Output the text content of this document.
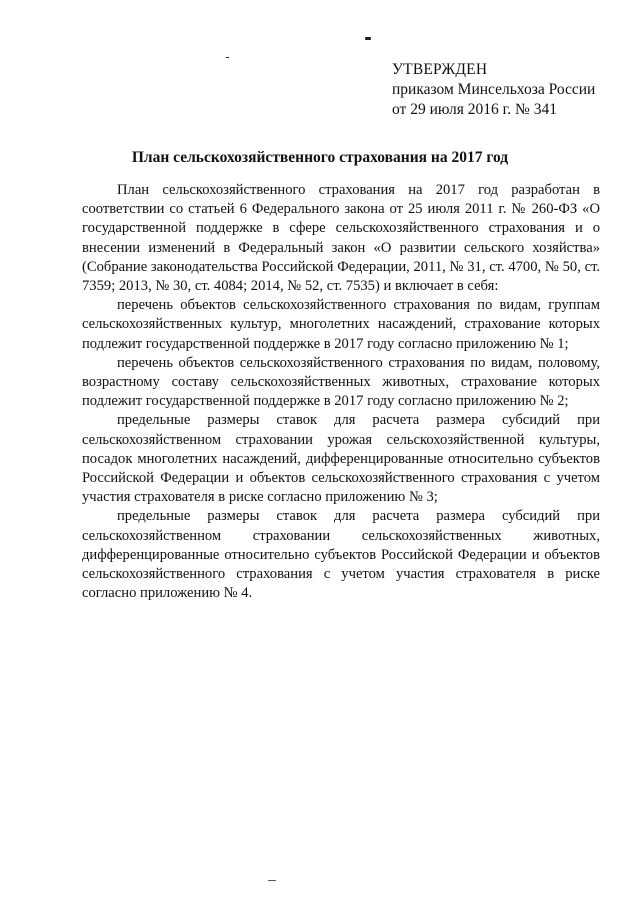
УТВЕРЖДЕН
приказом Минсельхоза России
от 29 июля 2016 г. № 341
План сельскохозяйственного страхования на 2017 год

План сельскохозяйственного страхования на 2017 год разработан в соответствии со статьей 6 Федерального закона от 25 июля 2011 г. № 260-ФЗ «О государственной поддержке в сфере сельскохозяйственного страхования и о внесении изменений в Федеральный закон «О развитии сельского хозяйства» (Собрание законодательства Российской Федерации, 2011, № 31, ст. 4700, № 50, ст. 7359; 2013, № 30, ст. 4084; 2014, № 52, ст. 7535) и включает в себя:

перечень объектов сельскохозяйственного страхования по видам, группам сельскохозяйственных культур, многолетних насаждений, страхование которых подлежит государственной поддержке в 2017 году согласно приложению № 1;

перечень объектов сельскохозяйственного страхования по видам, половому, возрастному составу сельскохозяйственных животных, страхование которых подлежит государственной поддержке в 2017 году согласно приложению № 2;

предельные размеры ставок для расчета размера субсидий при сельскохозяйственном страховании урожая сельскохозяйственной культуры, посадок многолетних насаждений, дифференцированные относительно субъектов Российской Федерации и объектов сельскохозяйственного страхования с учетом участия страхователя в риске согласно приложению № 3;

предельные размеры ставок для расчета размера субсидий при сельскохозяйственном страховании сельскохозяйственных животных, дифференцированные относительно субъектов Российской Федерации и объектов сельскохозяйственного страхования с учетом участия страхователя в риске согласно приложению № 4.
